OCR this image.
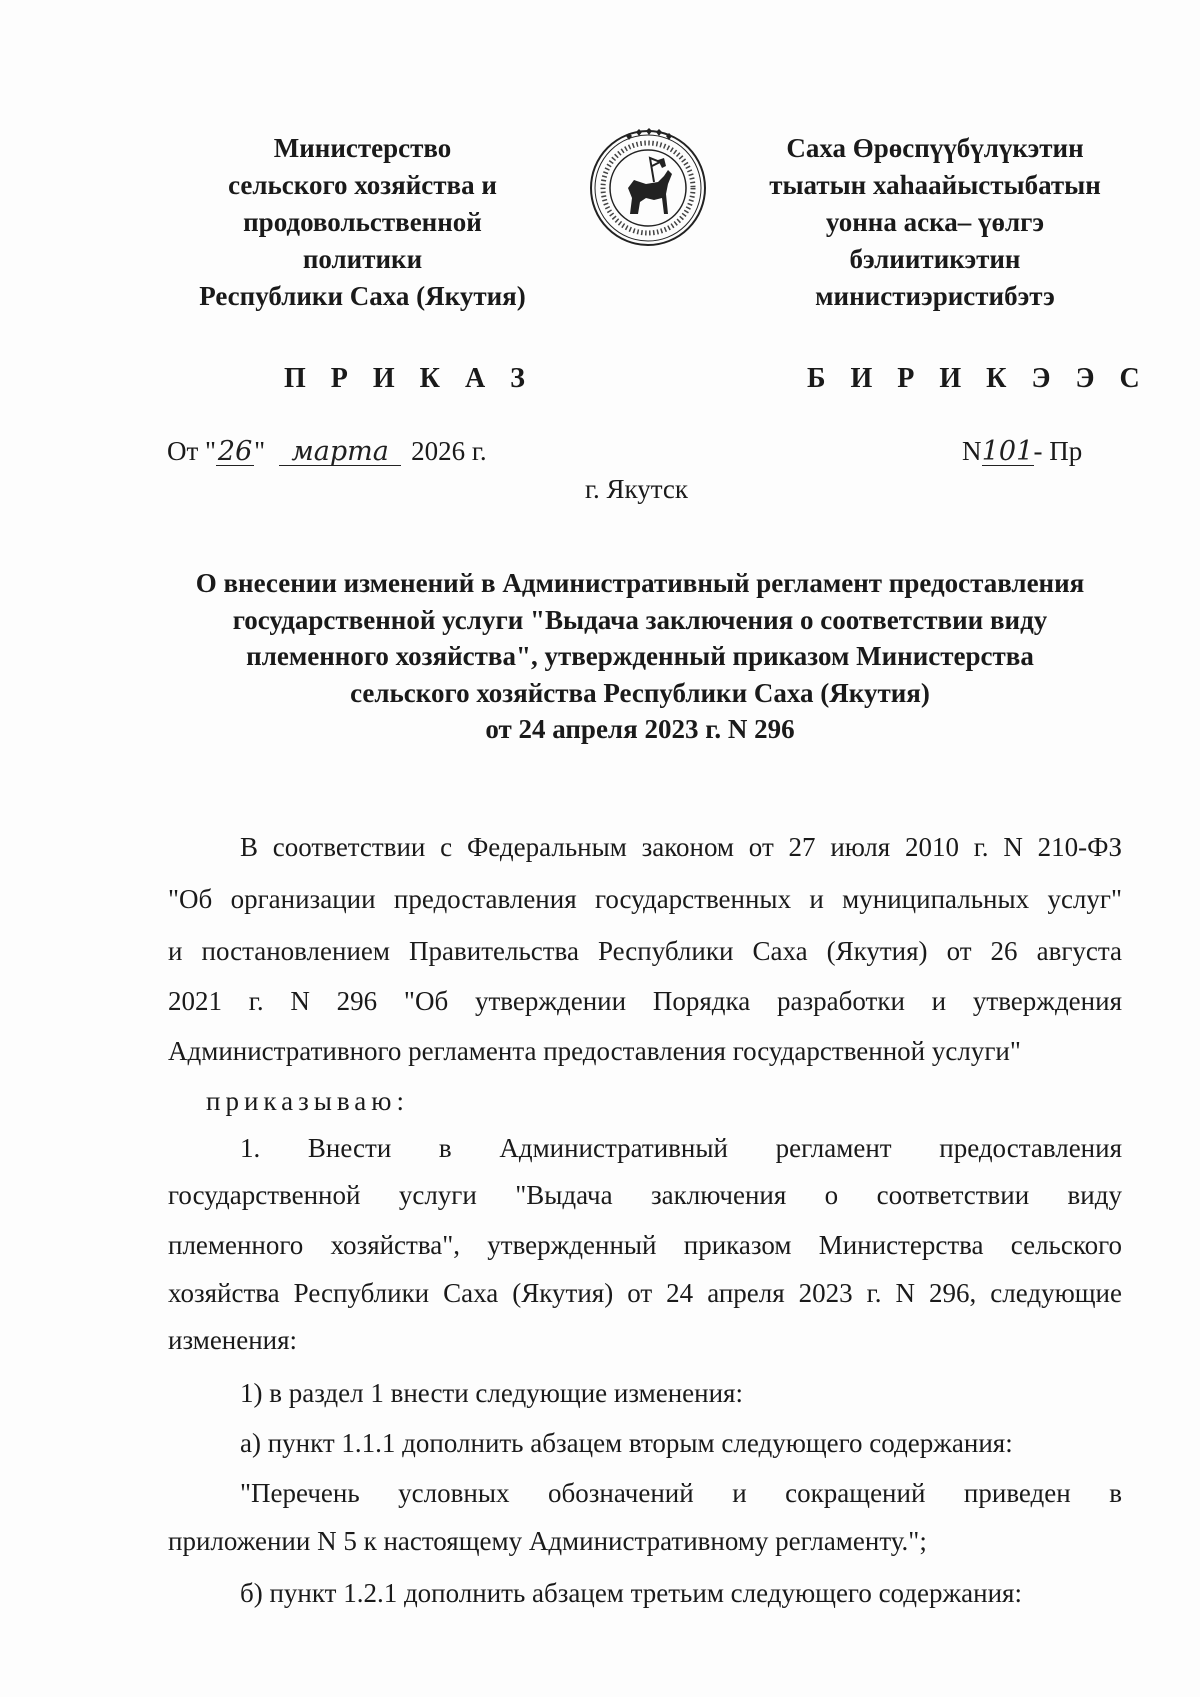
Министерство
сельского хозяйства и
продовольственной
политики
Республики Саха (Якутия)
Саха Өрөспүүбүлүкэтин
тыатын хаһаайыстыбатын
уонна аска– үөлгэ
бэлиитикэтин
министиэристибэтэ
П Р И К А З	Б И Р И К Э Э С
От "26" марта 2026 г.	N101- Пр
г. Якутск
О внесении изменений в Административный регламент предоставления
государственной услуги "Выдача заключения о соответствии виду
племенного хозяйства", утвержденный приказом Министерства
сельского хозяйства Республики Саха (Якутия)
от 24 апреля 2023 г. N 296
В соответствии с Федеральным законом от 27 июля 2010 г. N 210-ФЗ
"Об организации предоставления государственных и муниципальных услуг"
и постановлением Правительства Республики Саха (Якутия) от 26 августа
2021 г. N 296 "Об утверждении Порядка разработки и утверждения
Административного регламента предоставления государственной услуги"
приказываю:
1. Внести в Административный регламент предоставления
государственной услуги "Выдача заключения о соответствии виду
племенного хозяйства", утвержденный приказом Министерства сельского
хозяйства Республики Саха (Якутия) от 24 апреля 2023 г. N 296, следующие
изменения:
1) в раздел 1 внести следующие изменения:
а) пункт 1.1.1 дополнить абзацем вторым следующего содержания:
"Перечень условных обозначений и сокращений приведен в
приложении N 5 к настоящему Административному регламенту.";
б) пункт 1.2.1 дополнить абзацем третьим следующего содержания:
